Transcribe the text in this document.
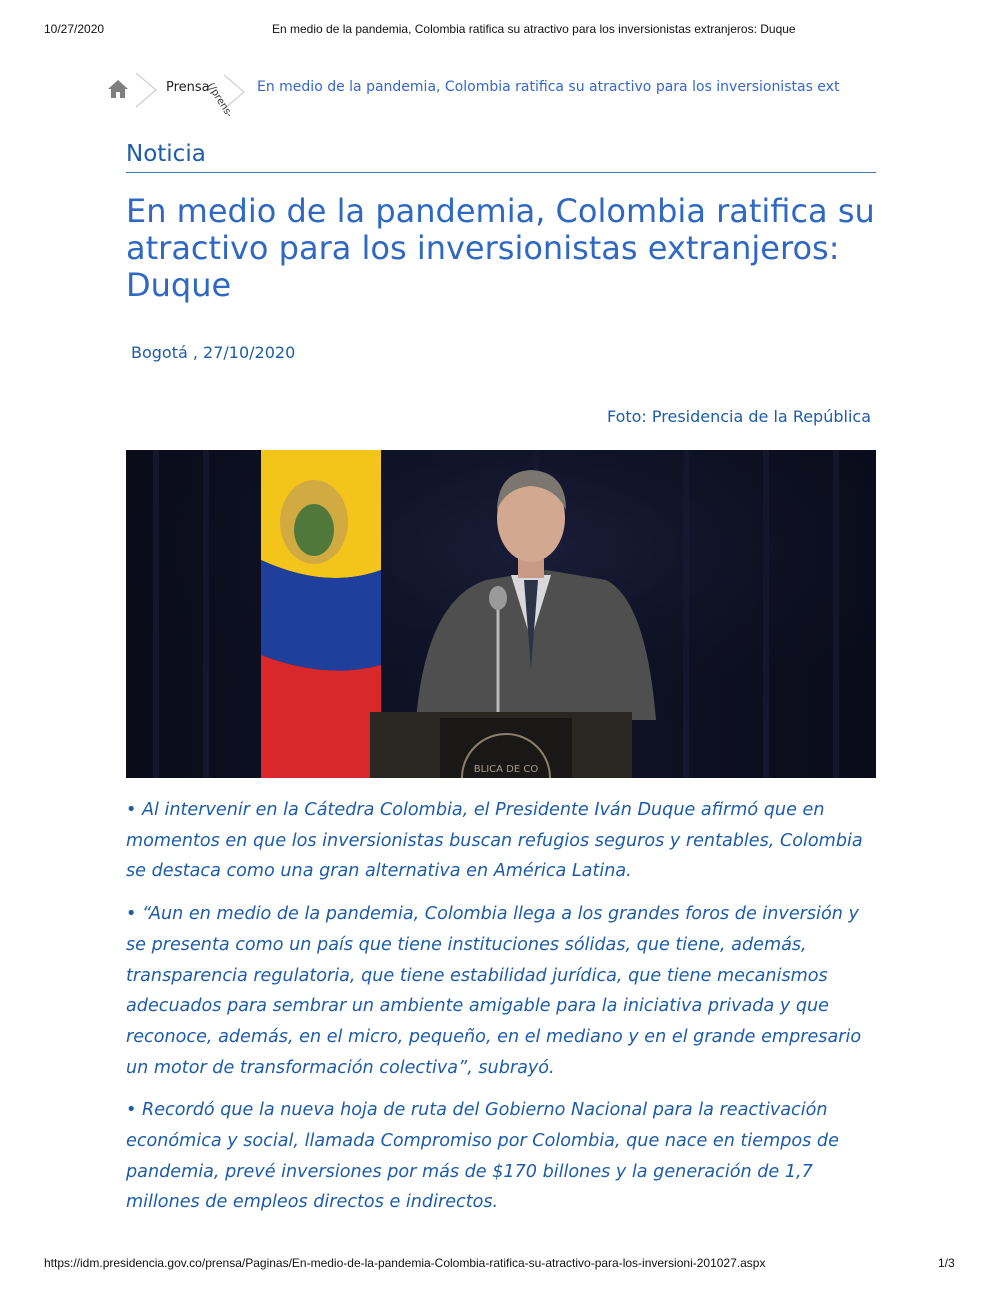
10/27/2020	En medio de la pandemia, Colombia ratifica su atractivo para los inversionistas extranjeros: Duque
Prensa
(/prens- En medio de la pandemia, Colombia ratifica su atractivo para los inversionistas ext
Noticia
En medio de la pandemia, Colombia ratifica su atractivo para los inversionistas extranjeros: Duque
Bogotá , 27/10/2020
Foto: Presidencia de la República
BLICA DE CO

• Al intervenir en la Cátedra Colombia, el Presidente Iván Duque afirmó que en momentos en que los inversionistas buscan refugios seguros y rentables, Colombia se destaca como una gran alternativa en América Latina.

• “Aun en medio de la pandemia, Colombia llega a los grandes foros de inversión y se presenta como un país que tiene instituciones sólidas, que tiene, además, transparencia regulatoria, que tiene estabilidad jurídica, que tiene mecanismos adecuados para sembrar un ambiente amigable para la iniciativa privada y que reconoce, además, en el micro, pequeño, en el mediano y en el grande empresario un motor de transformación colectiva”, subrayó.

• Recordó que la nueva hoja de ruta del Gobierno Nacional para la reactivación económica y social, llamada Compromiso por Colombia, que nace en tiempos de pandemia, prevé inversiones por más de $170 billones y la generación de 1,7 millones de empleos directos e indirectos.

https://idm.presidencia.gov.co/prensa/Paginas/En-medio-de-la-pandemia-Colombia-ratifica-su-atractivo-para-los-inversioni-201027.aspx	1/3
